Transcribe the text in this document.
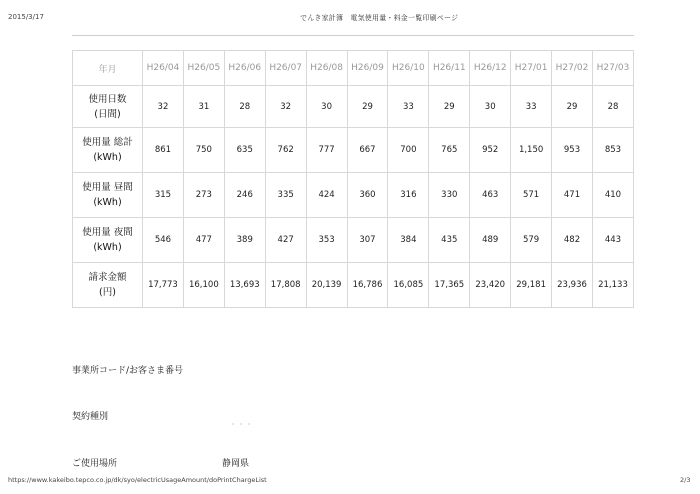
2015/3/17	でんき家計簿　電気使用量・料金一覧印刷ページ
年月	H26/04	H26/05	H26/06	H26/07	H26/08	H26/09	H26/10	H26/11	H26/12	H27/01	H27/02	H27/03

使用日数
(日間)	32	31	28	32	30	29	33	29	30	33	29	28

使用量 総計
(kWh)	861	750	635	762	777	667	700	765	952	1,150	953	853

使用量 昼間
(kWh)	315	273	246	335	424	360	316	330	463	571	471	410

使用量 夜間
(kWh)	546	477	389	427	353	307	384	435	489	579	482	443

請求金額
(円)	17,773	16,100	13,693	17,808	20,139	16,786	16,085	17,365	23,420	29,181	23,936	21,133
事業所コード/お客さま番号
契約種別
ご使用場所	静岡県
https://www.kakeibo.tepco.co.jp/dk/syo/electricUsageAmount/doPrintChargeList	2/3
